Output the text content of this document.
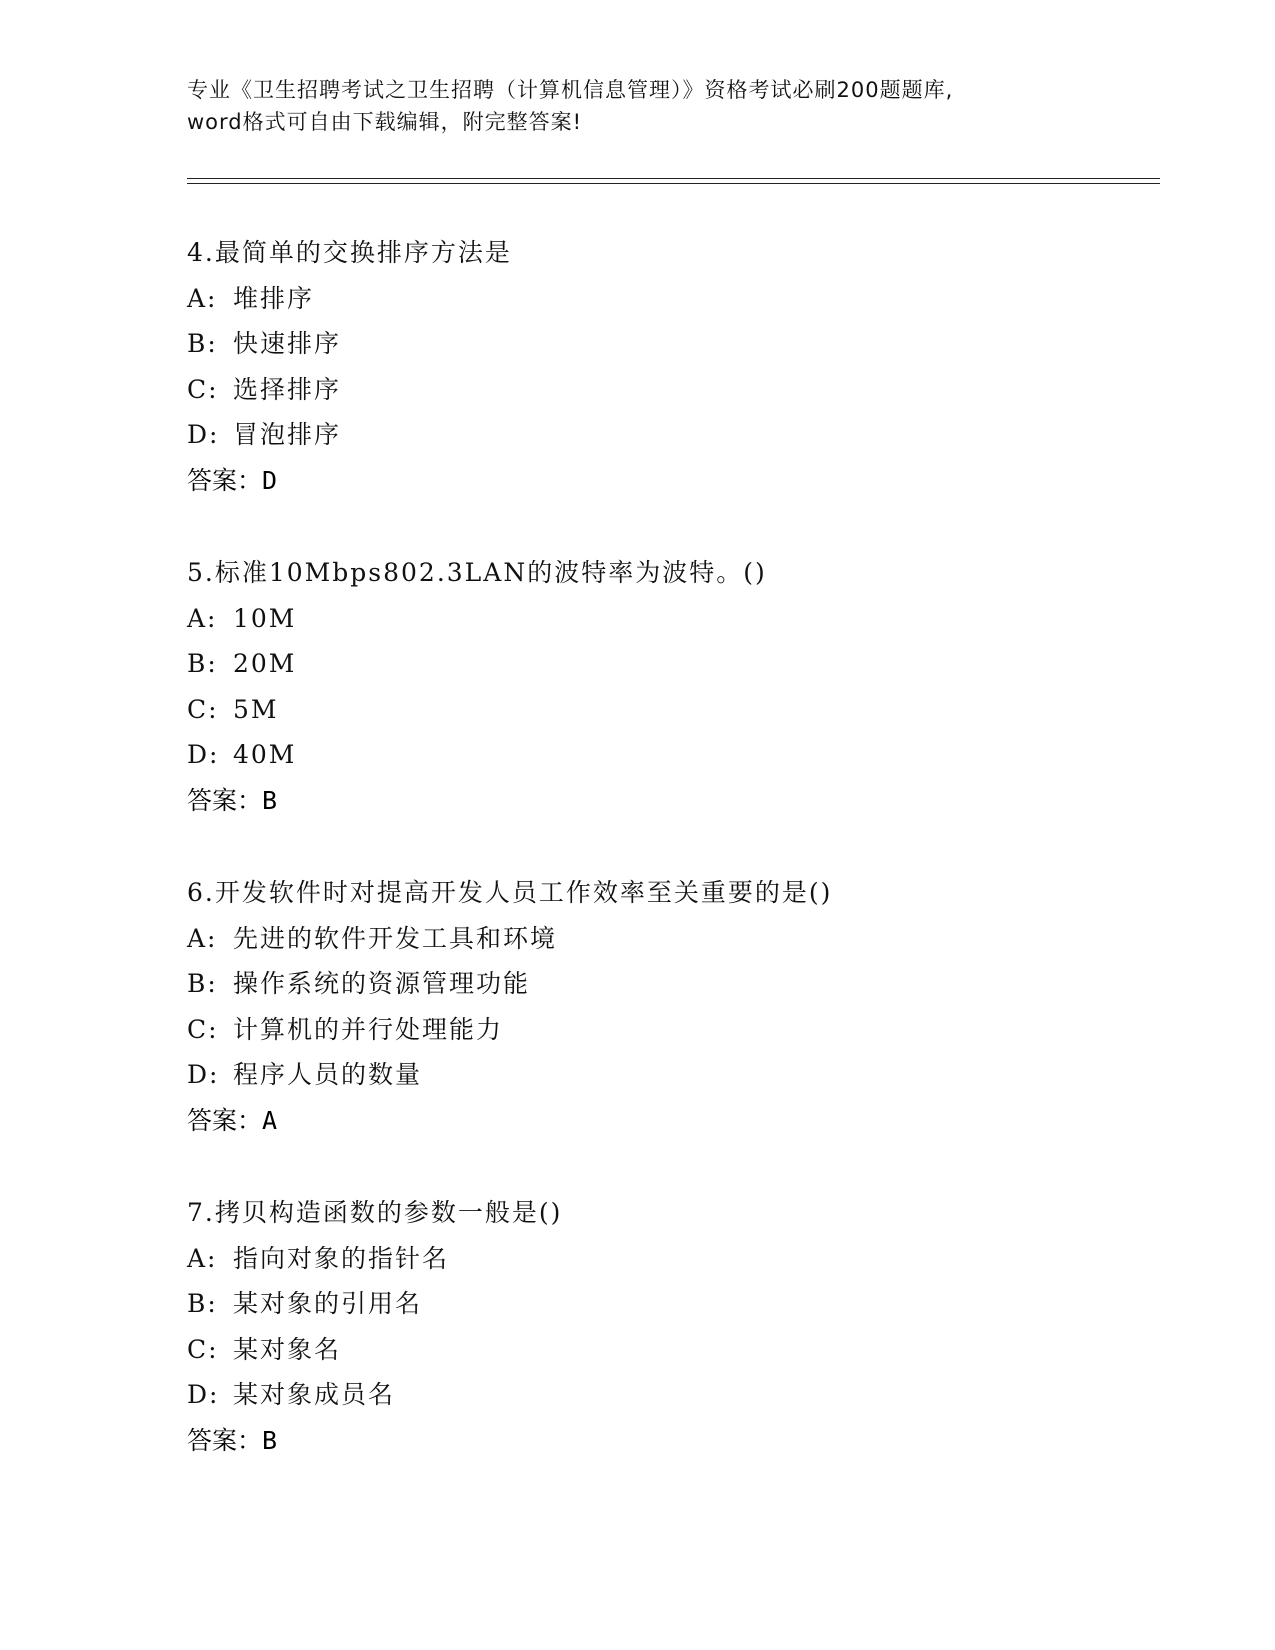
专业《卫生招聘考试之卫生招聘（计算机信息管理）》资格考试必刷200题题库,
word格式可自由下载编辑，附完整答案!
4.最简单的交换排序方法是
A: 堆排序
B: 快速排序
C: 选择排序
D: 冒泡排序
答案：D
5.标准10Mbps802.3LAN的波特率为波特。()
A: 10M
B: 20M
C: 5M
D: 40M
答案：B
6.开发软件时对提高开发人员工作效率至关重要的是()
A: 先进的软件开发工具和环境
B: 操作系统的资源管理功能
C: 计算机的并行处理能力
D: 程序人员的数量
答案：A
7.拷贝构造函数的参数一般是()
A: 指向对象的指针名
B: 某对象的引用名
C: 某对象名
D: 某对象成员名
答案：B
